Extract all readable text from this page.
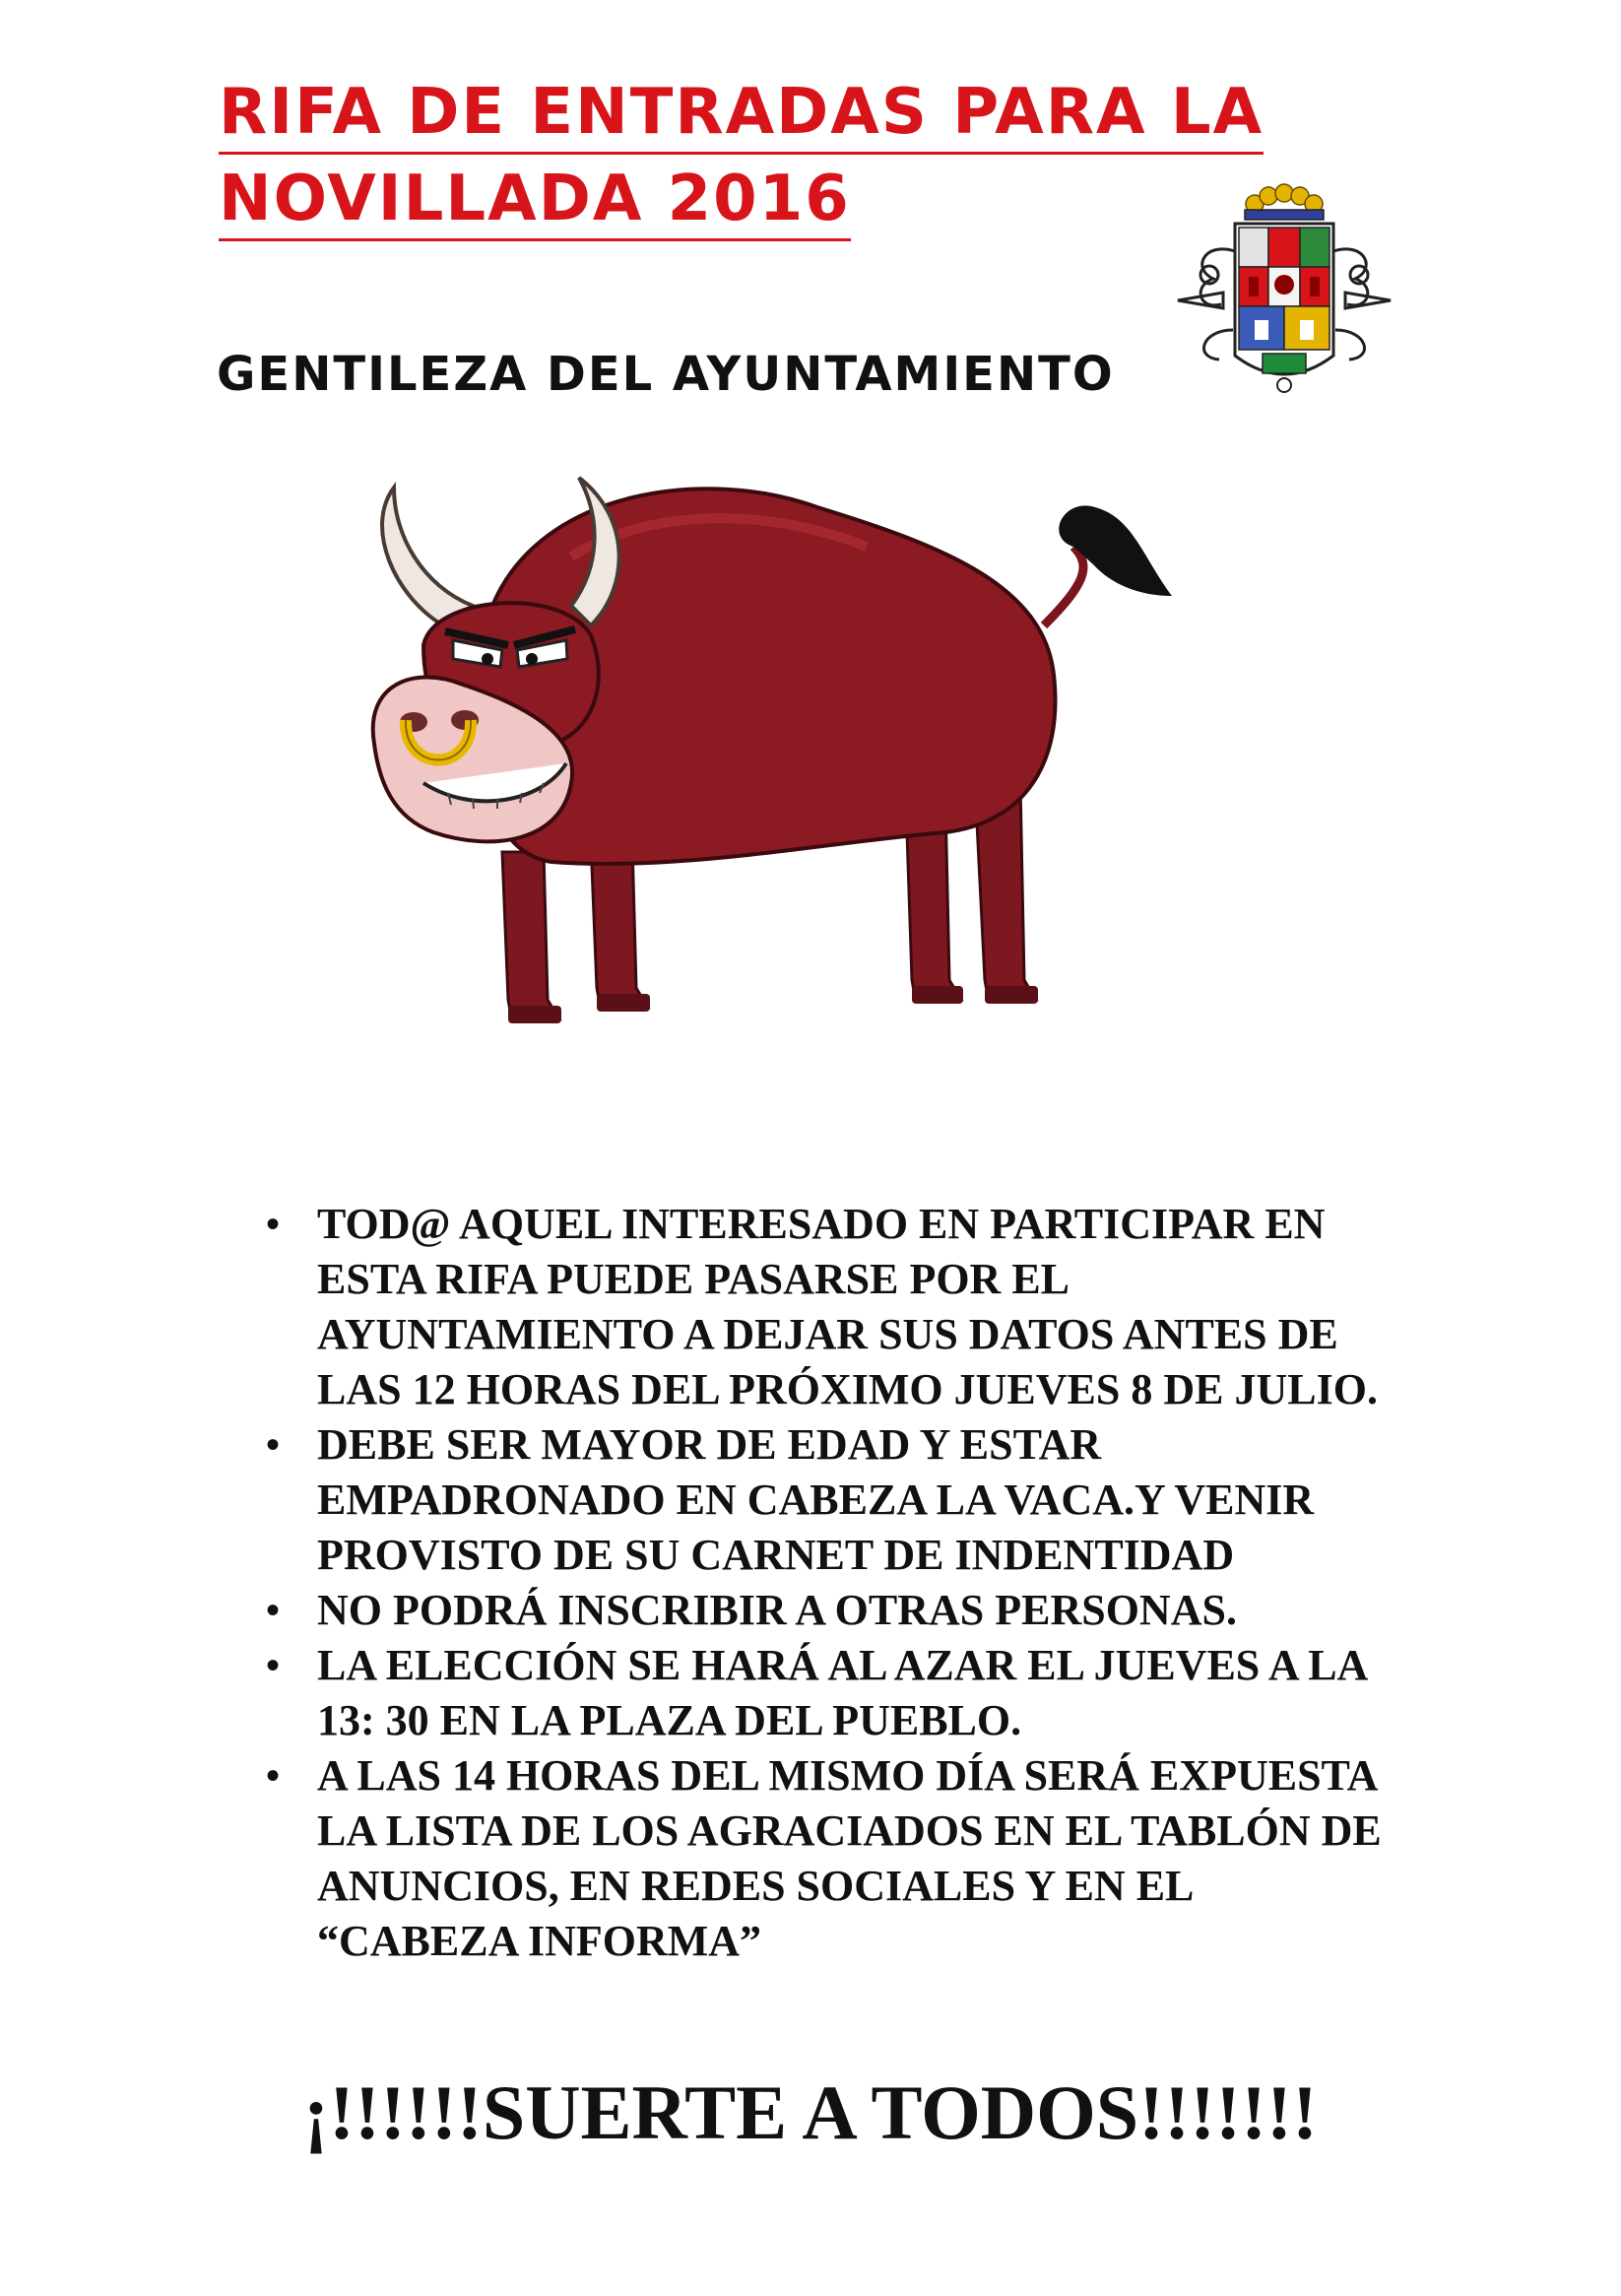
RIFA DE ENTRADAS PARA LA
NOVILLADA 2016
GENTILEZA DEL AYUNTAMIENTO
• TOD@ AQUEL INTERESADO EN PARTICIPAR EN ESTA RIFA PUEDE PASARSE POR EL AYUNTAMIENTO A DEJAR SUS DATOS ANTES DE LAS 12 HORAS DEL PRÓXIMO JUEVES 8 DE JULIO.
• DEBE SER MAYOR DE EDAD Y ESTAR EMPADRONADO EN CABEZA LA VACA.Y VENIR PROVISTO DE SU CARNET DE INDENTIDAD
• NO PODRÁ INSCRIBIR A OTRAS PERSONAS.
• LA ELECCIÓN SE HARÁ AL AZAR EL JUEVES A LA 13: 30 EN LA PLAZA DEL PUEBLO.
• A LAS 14 HORAS DEL MISMO DÍA SERÁ EXPUESTA LA LISTA DE LOS AGRACIADOS EN EL TABLÓN DE ANUNCIOS, EN REDES SOCIALES Y EN EL “CABEZA INFORMA”

¡!!!!!!SUERTE A TODOS!!!!!!!
